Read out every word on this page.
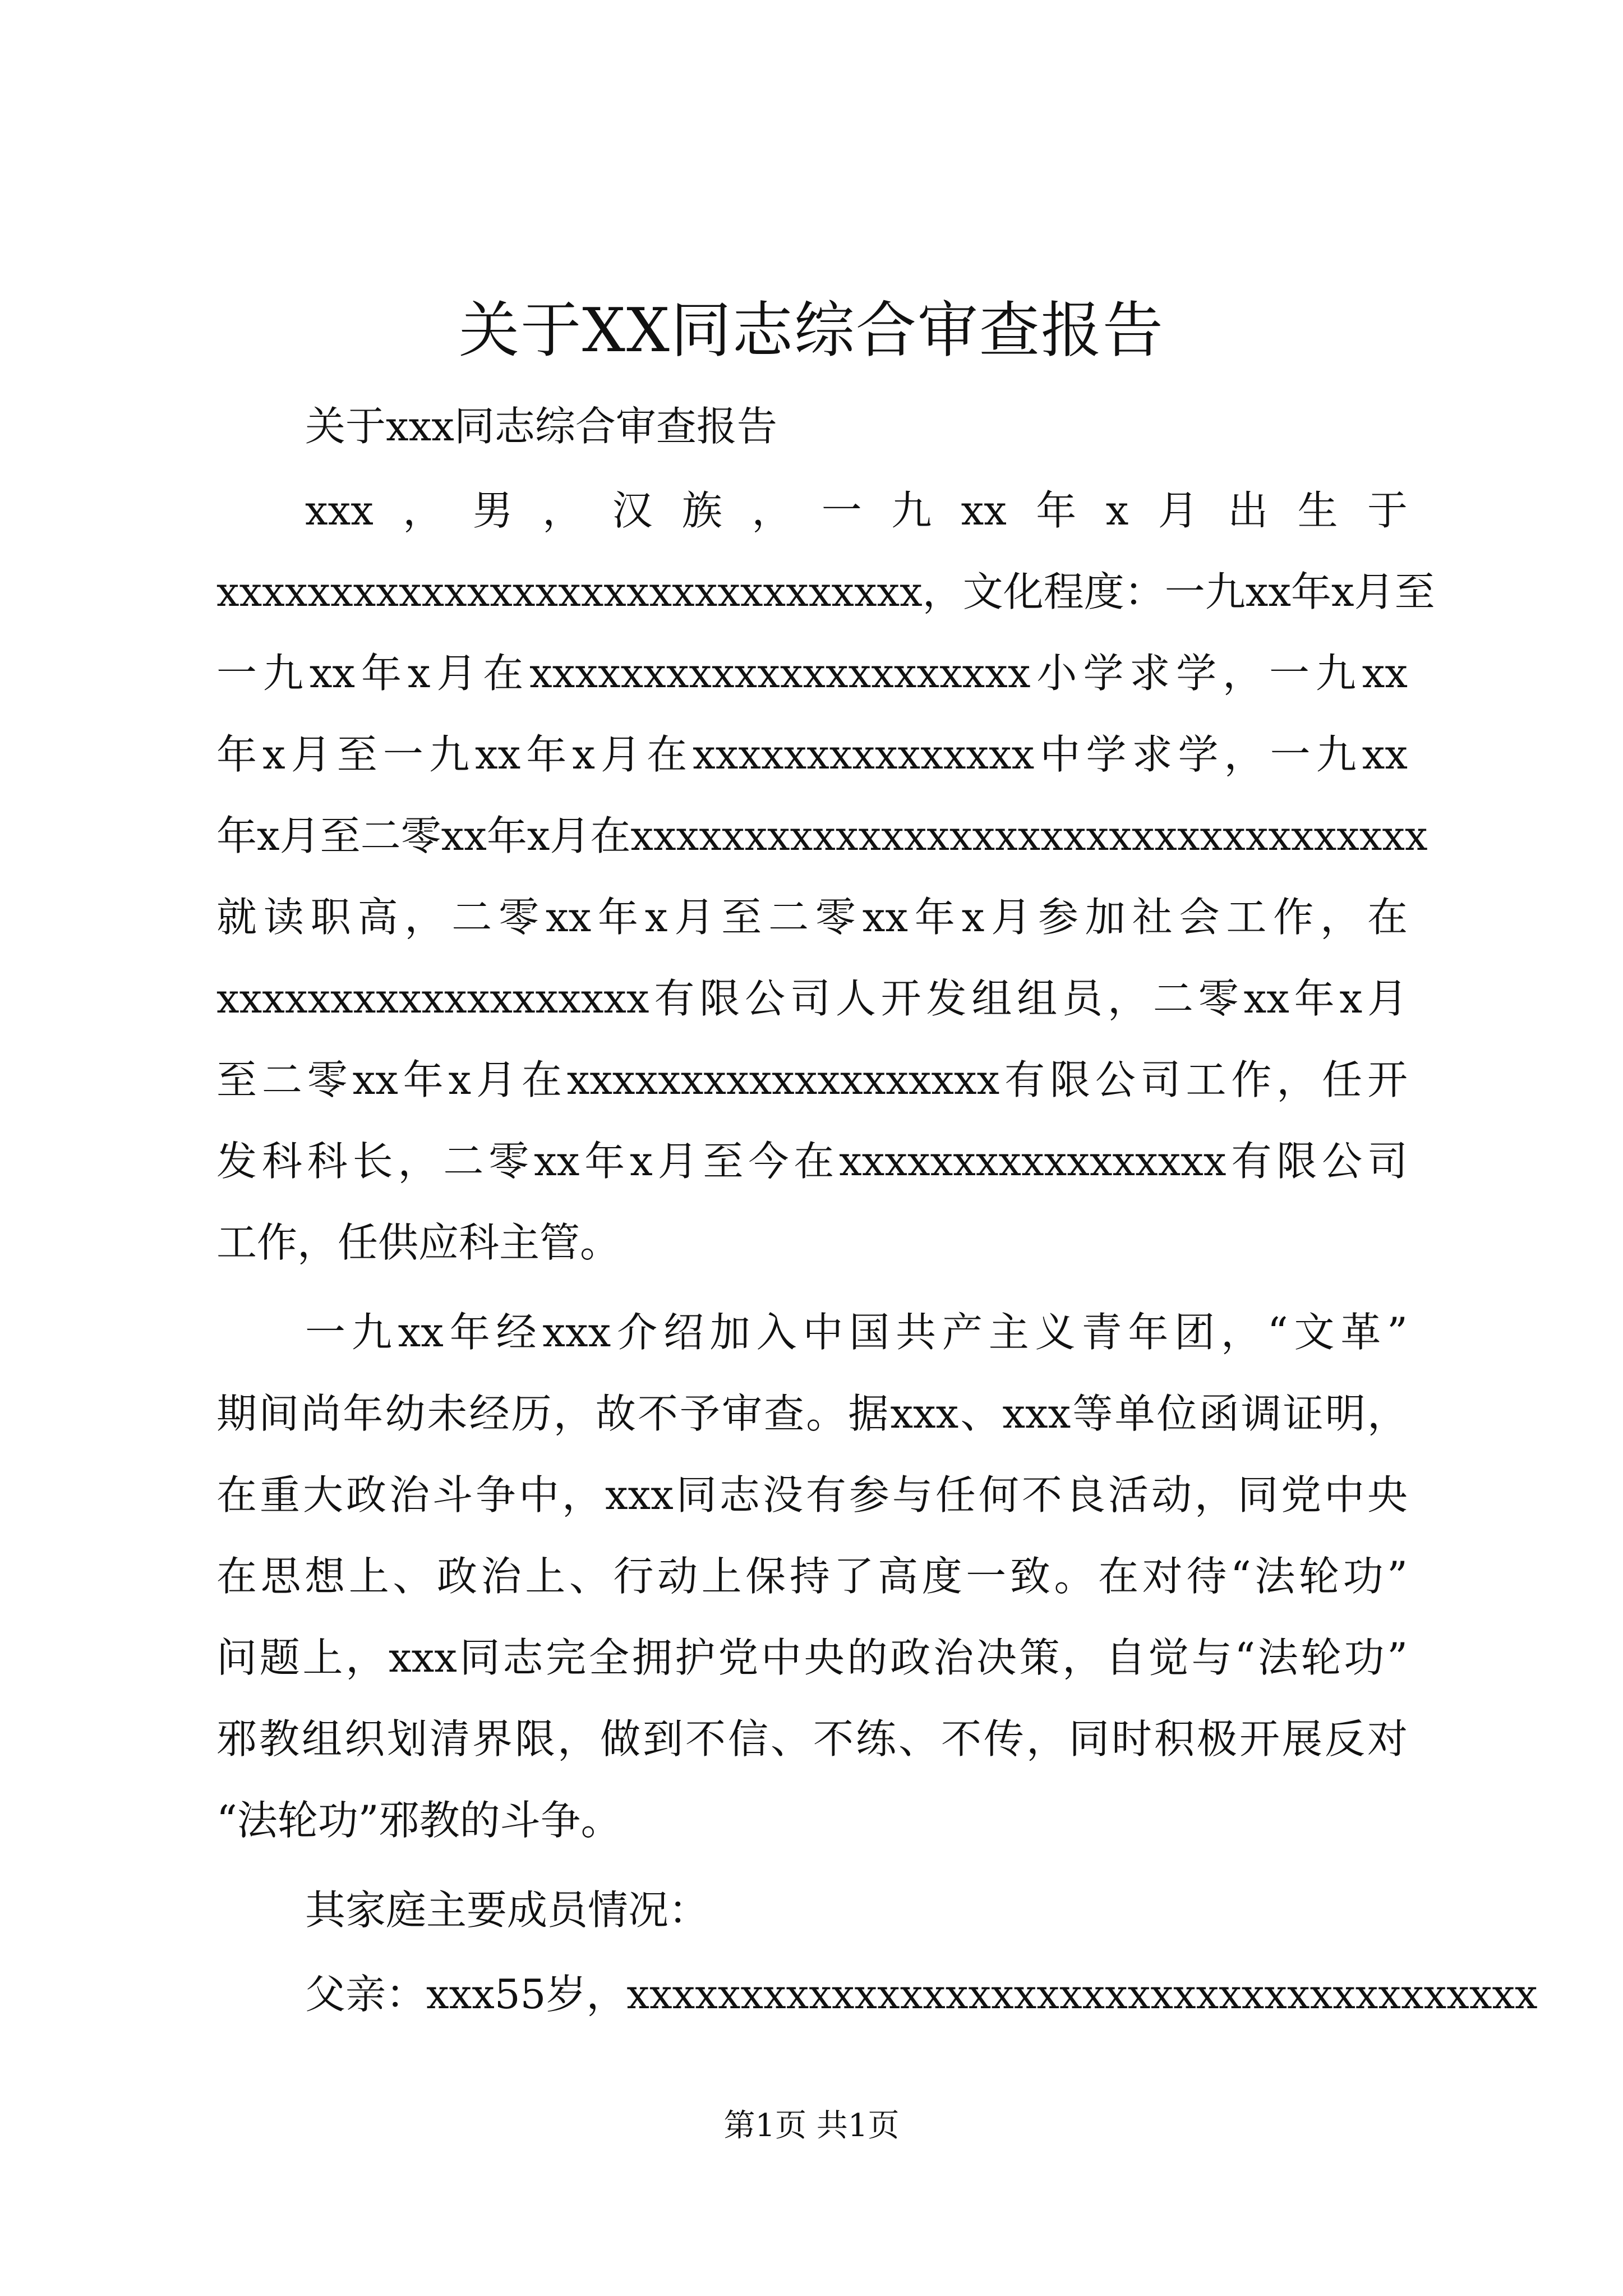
关于XX同志综合审查报告

关于xxx同志综合审查报告

xxx，男，汉族，一九xx年x月出生于

xxxxxxxxxxxxxxxxxxxxxxxxxxxxxxx，文化程度：一九xx年x月至

一九xx年x月在xxxxxxxxxxxxxxxxxxxxxx小学求学，一九xx

年x月至一九xx年x月在xxxxxxxxxxxxxxx中学求学，一九xx

年x月至二零xx年x月在xxxxxxxxxxxxxxxxxxxxxxxxxxxxxxxxxxx

就读职高，二零xx年x月至二零xx年x月参加社会工作，在

xxxxxxxxxxxxxxxxxxx有限公司人开发组组员，二零xx年x月

至二零xx年x月在xxxxxxxxxxxxxxxxxxx有限公司工作，任开

发科科长，二零xx年x月至今在xxxxxxxxxxxxxxxxx有限公司

工作，任供应科主管。

一九xx年经xxx介绍加入中国共产主义青年团，“文革”

期间尚年幼未经历，故不予审查。据xxx、xxx等单位函调证明，

在重大政治斗争中，xxx同志没有参与任何不良活动，同党中央

在思想上、政治上、行动上保持了高度一致。在对待“法轮功”

问题上，xxx同志完全拥护党中央的政治决策，自觉与“法轮功”

邪教组织划清界限，做到不信、不练、不传，同时积极开展反对

“法轮功”邪教的斗争。

其家庭主要成员情况：

父亲：xxx55岁，xxxxxxxxxxxxxxxxxxxxxxxxxxxxxxxxxxxxxxxx

第1页 共1页
